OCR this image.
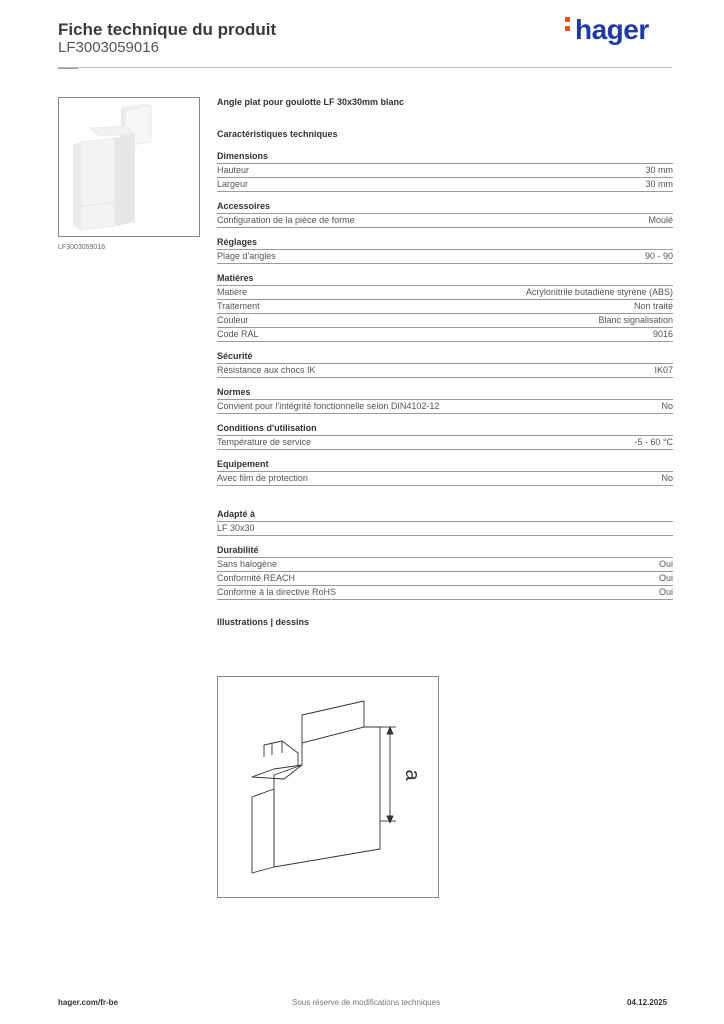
Fiche technique du produit
LF3003059016
hager
LF3003059016
Angle plat pour goulotte LF 30x30mm blanc
Caractéristiques techniques
Dimensions
Hauteur	30 mm
Largeur	30 mm
Accessoires
Configuration de la pièce de forme	Moulé
Réglages
Plage d'angles	90 - 90
Matières
Matière	Acrylonitrile butadiène styrène (ABS)
Traitement	Non traité
Couleur	Blanc signalisation
Code RAL	9016
Sécurité
Résistance aux chocs IK	IK07
Normes
Convient pour l'intégrité fonctionnelle selon DIN4102-12	No
Conditions d'utilisation
Température de service	-5 - 60 °C
Equipement
Avec film de protection	No
Adapté à
LF 30x30
Durabilité
Sans halogène	Oui
Conformité REACH	Oui
Conforme à la directive RoHS	Oui
Illustrations | dessins
a
hager.com/fr-be	Sous réserve de modifications techniques	04.12.2025
